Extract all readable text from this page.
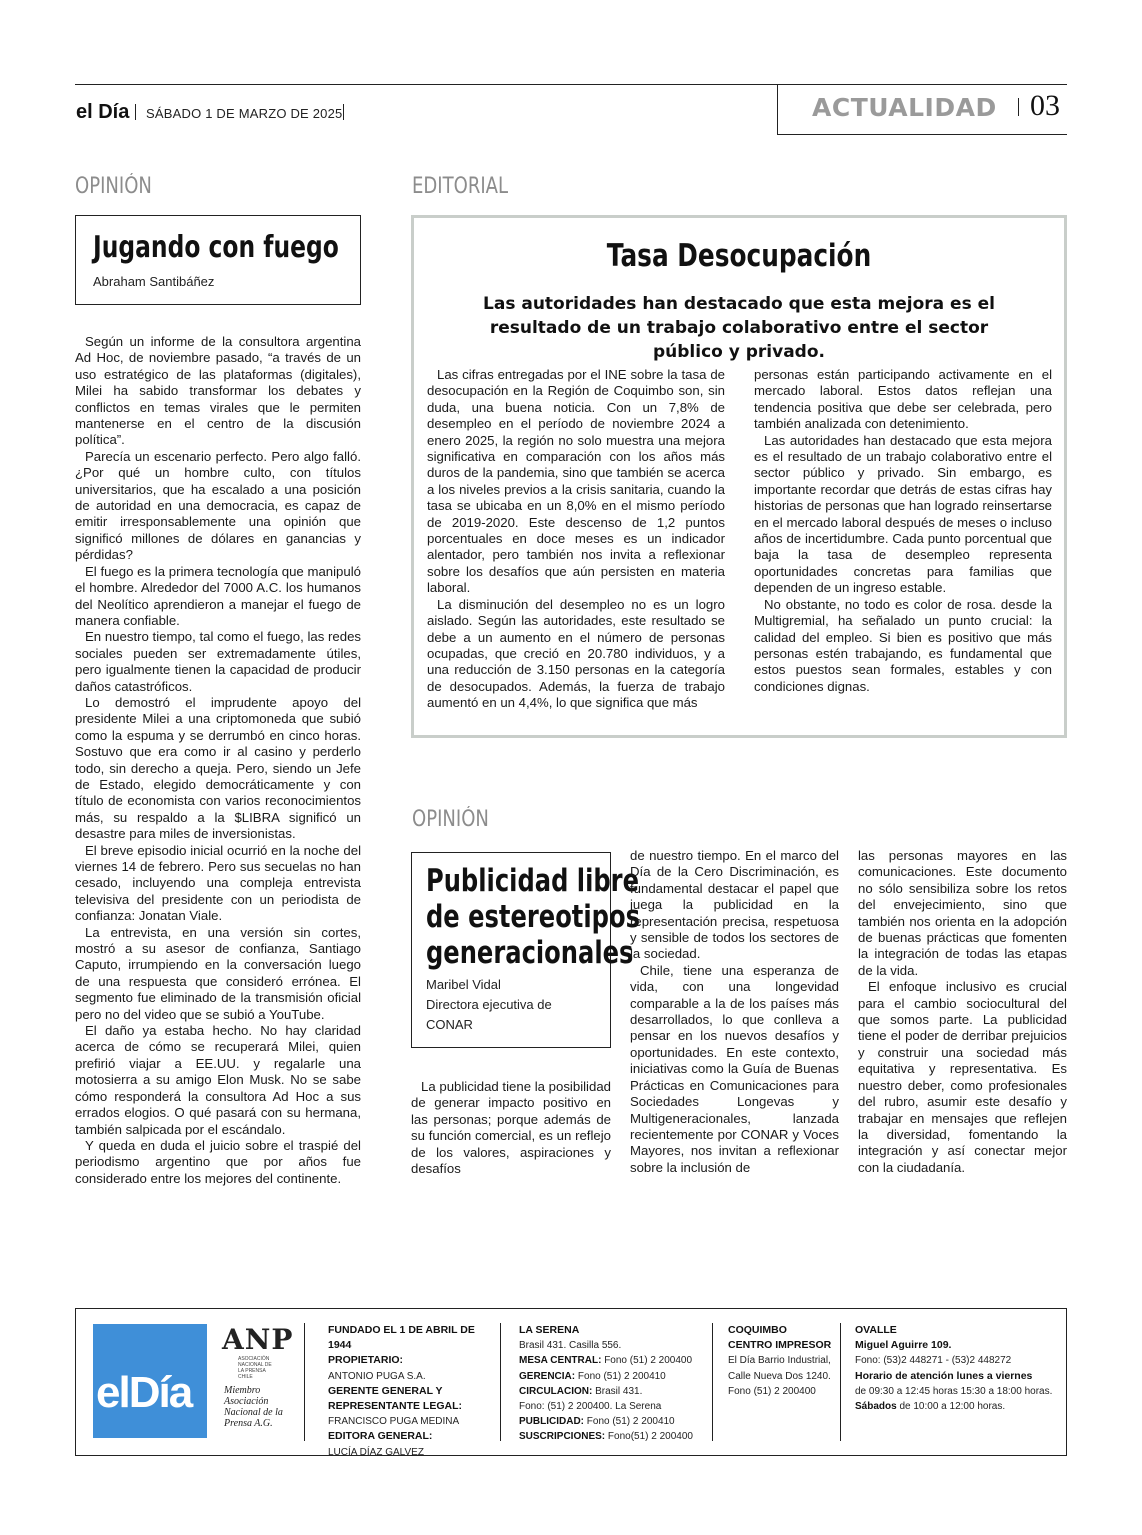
el Día SÁBADO 1 DE MARZO DE 2025	ACTUALIDAD 03
OPINIÓN
Jugando con fuego
Abraham Santibáñez

Según un informe de la consultora argentina Ad Hoc, de noviembre pasado, “a través de un uso estratégico de las plataformas (digitales), Milei ha sabido transformar los debates y conflictos en temas virales que le permiten mantenerse en el centro de la discusión política”.

Parecía un escenario perfecto. Pero algo falló. ¿Por qué un hombre culto, con títulos universitarios, que ha escalado a una posición de autoridad en una democracia, es capaz de emitir irresponsablemente una opinión que significó millones de dólares en ganancias y pérdidas?

El fuego es la primera tecnología que manipuló el hombre. Alrededor del 7000 A.C. los humanos del Neolítico aprendieron a manejar el fuego de manera confiable.

En nuestro tiempo, tal como el fuego, las redes sociales pueden ser extremadamente útiles, pero igualmente tienen la capacidad de producir daños catastróficos.

Lo demostró el imprudente apoyo del presidente Milei a una criptomoneda que subió como la espuma y se derrumbó en cinco horas. Sostuvo que era como ir al casino y perderlo todo, sin derecho a queja. Pero, siendo un Jefe de Estado, elegido democráticamente y con título de economista con varios reconocimientos más, su respaldo a la $LIBRA significó un desastre para miles de inversionistas.

El breve episodio inicial ocurrió en la noche del viernes 14 de febrero. Pero sus secuelas no han cesado, incluyendo una compleja entrevista televisiva del presidente con un periodista de confianza: Jonatan Viale.

La entrevista, en una versión sin cortes, mostró a su asesor de confianza, Santiago Caputo, irrumpiendo en la conversación luego de una respuesta que consideró errónea. El segmento fue eliminado de la transmisión oficial pero no del video que se subió a YouTube.

El daño ya estaba hecho. No hay claridad acerca de cómo se recuperará Milei, quien prefirió viajar a EE.UU. y regalarle una motosierra a su amigo Elon Musk. No se sabe cómo responderá la consultora Ad Hoc a sus errados elogios. O qué pasará con su hermana, también salpicada por el escándalo.

Y queda en duda el juicio sobre el traspié del periodismo argentino que por años fue considerado entre los mejores del continente.

EDITORIAL
Tasa Desocupación
Las autoridades han destacado que esta mejora es el resultado de un trabajo colaborativo entre el sector público y privado.

Las cifras entregadas por el INE sobre la tasa de desocupación en la Región de Coquimbo son, sin duda, una buena noticia. Con un 7,8% de desempleo en el período de noviembre 2024 a enero 2025, la región no solo muestra una mejora significativa en comparación con los años más duros de la pandemia, sino que también se acerca a los niveles previos a la crisis sanitaria, cuando la tasa se ubicaba en un 8,0% en el mismo período de 2019-2020. Este descenso de 1,2 puntos porcentuales en doce meses es un indicador alentador, pero también nos invita a reflexionar sobre los desafíos que aún persisten en materia laboral.

La disminución del desempleo no es un logro aislado. Según las autoridades, este resultado se debe a un aumento en el número de personas ocupadas, que creció en 20.780 individuos, y a una reducción de 3.150 personas en la categoría de desocupados. Además, la fuerza de trabajo aumentó en un 4,4%, lo que significa que más

personas están participando activamente en el mercado laboral. Estos datos reflejan una tendencia positiva que debe ser celebrada, pero también analizada con detenimiento.

Las autoridades han destacado que esta mejora es el resultado de un trabajo colaborativo entre el sector público y privado. Sin embargo, es importante recordar que detrás de estas cifras hay historias de personas que han logrado reinsertarse en el mercado laboral después de meses o incluso años de incertidumbre. Cada punto porcentual que baja la tasa de desempleo representa oportunidades concretas para familias que dependen de un ingreso estable.

No obstante, no todo es color de rosa. desde la Multigremial, ha señalado un punto crucial: la calidad del empleo. Si bien es positivo que más personas estén trabajando, es fundamental que estos puestos sean formales, estables y con condiciones dignas.

OPINIÓN
Publicidad libre
de estereotipos
generacionales
Maribel Vidal
Directora ejecutiva de
CONAR

La publicidad tiene la posibilidad de generar impacto positivo en las personas; porque además de su función comercial, es un reflejo de los valores, aspiraciones y desafíos

de nuestro tiempo. En el marco del Día de la Cero Discriminación, es fundamental destacar el papel que juega la publicidad en la representación precisa, respetuosa y sensible de todos los sectores de la sociedad.

Chile, tiene una esperanza de vida, con una longevidad comparable a la de los países más desarrollados, lo que conlleva a pensar en los nuevos desafíos y oportunidades. En este contexto, iniciativas como la Guía de Buenas Prácticas en Comunicaciones para Sociedades Longevas y Multigeneracionales, lanzada recientemente por CONAR y Voces Mayores, nos invitan a reflexionar sobre la inclusión de

las personas mayores en las comunicaciones. Este documento no sólo sensibiliza sobre los retos del envejecimiento, sino que también nos orienta en la adopción de buenas prácticas que fomenten la integración de todas las etapas de la vida.

El enfoque inclusivo es crucial para el cambio sociocultural del que somos parte. La publicidad tiene el poder de derribar prejuicios y construir una sociedad más equitativa y representativa. Es nuestro deber, como profesionales del rubro, asumir este desafío y trabajar en mensajes que reflejen la diversidad, fomentando la integración y así conectar mejor con la ciudadanía.

elDía
ANP
ASOCIACIÓN NACIONAL DE LA PRENSA CHILE
Miembro Asociación Nacional de la Prensa A.G.
FUNDADO EL 1 DE ABRIL DE 1944
PROPIETARIO:
ANTONIO PUGA S.A.
GERENTE GENERAL Y
REPRESENTANTE LEGAL:
FRANCISCO PUGA MEDINA
EDITORA GENERAL:
LUCÍA DÍAZ GALVEZ
LA SERENA
Brasil 431. Casilla 556.
MESA CENTRAL: Fono (51) 2 200400
GERENCIA: Fono (51) 2 200410
CIRCULACION: Brasil 431.
Fono: (51) 2 200400. La Serena
PUBLICIDAD: Fono (51) 2 200410
SUSCRIPCIONES: Fono(51) 2 200400
COQUIMBO
CENTRO IMPRESOR
El Día Barrio Industrial,
Calle Nueva Dos 1240.
Fono (51) 2 200400
OVALLE
Miguel Aguirre 109.
Fono: (53)2 448271 - (53)2 448272
Horario de atención lunes a viernes
de 09:30 a 12:45 horas 15:30 a 18:00 horas.
Sábados de 10:00 a 12:00 horas.
